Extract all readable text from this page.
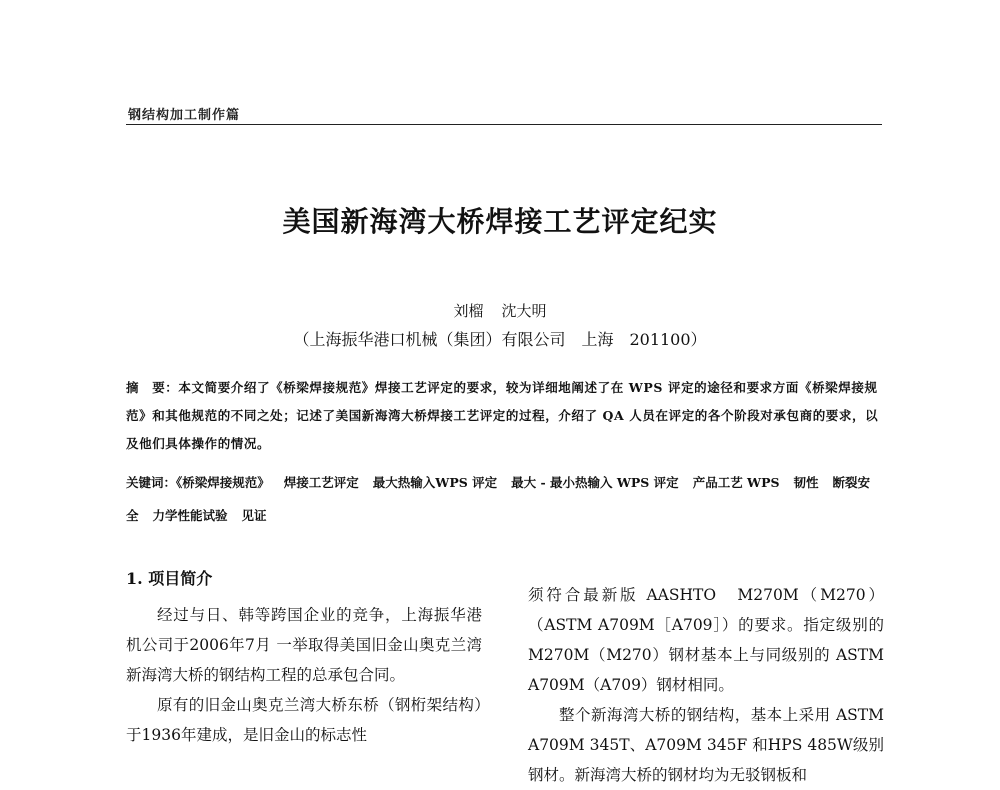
钢结构加工制作篇
美国新海湾大桥焊接工艺评定纪实
刘榴 沈大明
（上海振华港口机械（集团）有限公司　上海　201100）
摘　要：本文简要介绍了《桥梁焊接规范》焊接工艺评定的要求，较为详细地阐述了在 WPS 评定的途径和要求方面《桥梁焊接规范》和其他规范的不同之处；记述了美国新海湾大桥焊接工艺评定的过程，介绍了 QA 人员在评定的各个阶段对承包商的要求，以及他们具体操作的情况。
关键词：《桥梁焊接规范》 焊接工艺评定 最大热输入WPS 评定 最大 - 最小热输入 WPS 评定 产品工艺 WPS 韧性 断裂安全 力学性能试验 见证
1. 项目简介

经过与日、韩等跨国企业的竞争，上海振华港机公司于2006年7月 一举取得美国旧金山奥克兰湾新海湾大桥的钢结构工程的总承包合同。

原有的旧金山奥克兰湾大桥东桥（钢桁架结构）于1936年建成，是旧金山的标志性

须符合最新版 AASHTO　M270M（M270）（ASTM A709M［A709］）的要求。指定级别的 M270M（M270）钢材基本上与同级别的 ASTM　A709M（A709）钢材相同。

整个新海湾大桥的钢结构，基本上采用 ASTM A709M 345T、A709M 345F 和HPS 485W级别钢材。新海湾大桥的钢材均为无驳钢板和
